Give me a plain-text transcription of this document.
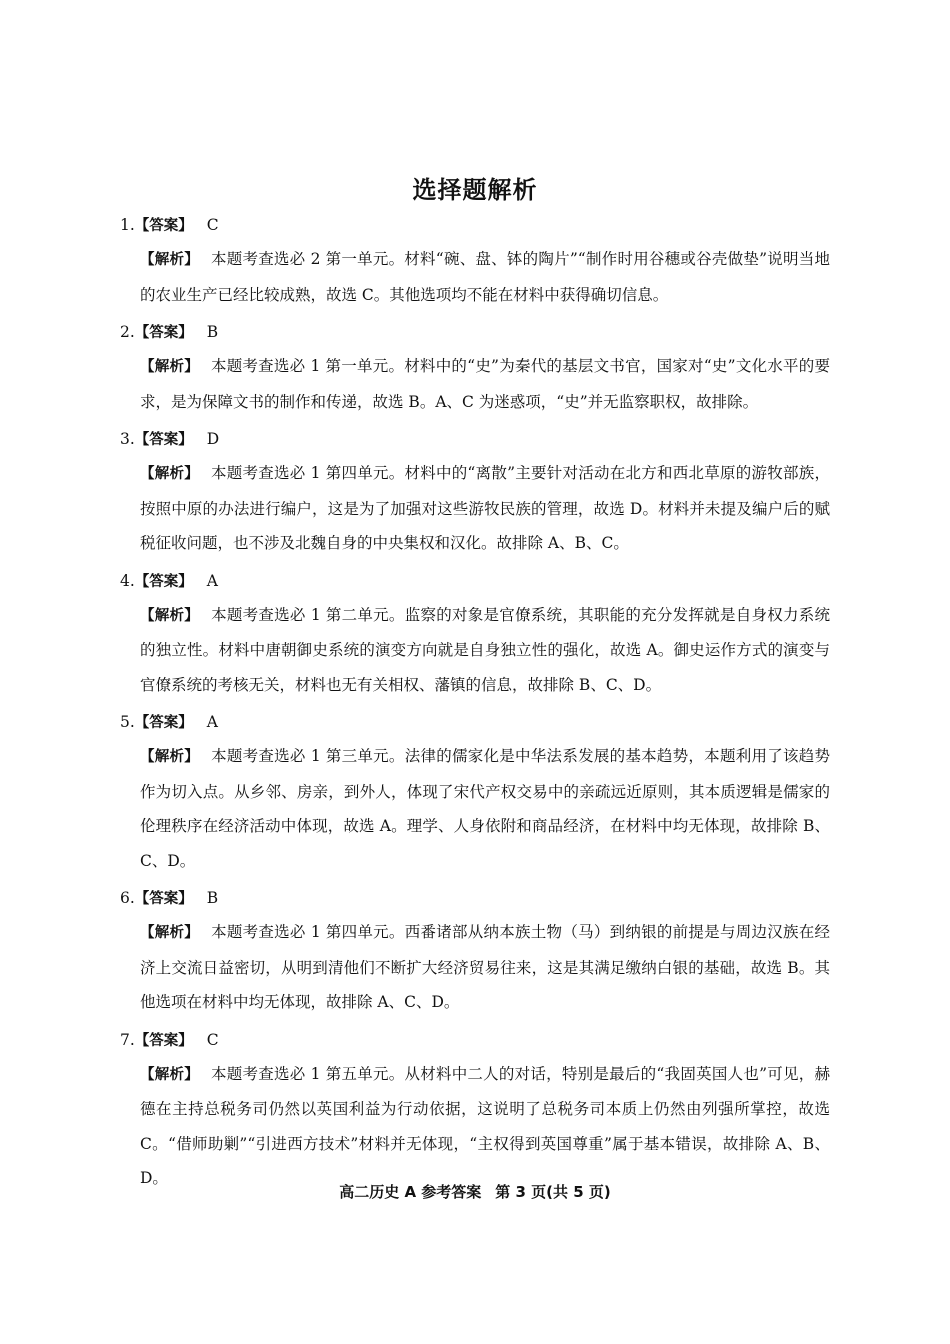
选择题解析
1.【答案】 C
【解析】 本题考查选必 2 第一单元。材料“碗、盘、钵的陶片”“制作时用谷穗或谷壳做垫”说明当地的农业生产已经比较成熟，故选 C。其他选项均不能在材料中获得确切信息。
2.【答案】 B
【解析】 本题考查选必 1 第一单元。材料中的“史”为秦代的基层文书官，国家对“史”文化水平的要求，是为保障文书的制作和传递，故选 B。A、C 为迷惑项，“史”并无监察职权，故排除。
3.【答案】 D
【解析】 本题考查选必 1 第四单元。材料中的“离散”主要针对活动在北方和西北草原的游牧部族，按照中原的办法进行编户，这是为了加强对这些游牧民族的管理，故选 D。材料并未提及编户后的赋税征收问题，也不涉及北魏自身的中央集权和汉化。故排除 A、B、C。
4.【答案】 A
【解析】 本题考查选必 1 第二单元。监察的对象是官僚系统，其职能的充分发挥就是自身权力系统的独立性。材料中唐朝御史系统的演变方向就是自身独立性的强化，故选 A。御史运作方式的演变与官僚系统的考核无关，材料也无有关相权、藩镇的信息，故排除 B、C、D。
5.【答案】 A
【解析】 本题考查选必 1 第三单元。法律的儒家化是中华法系发展的基本趋势，本题利用了该趋势作为切入点。从乡邻、房亲，到外人，体现了宋代产权交易中的亲疏远近原则，其本质逻辑是儒家的伦理秩序在经济活动中体现，故选 A。理学、人身依附和商品经济，在材料中均无体现，故排除 B、C、D。
6.【答案】 B
【解析】 本题考查选必 1 第四单元。西番诸部从纳本族土物（马）到纳银的前提是与周边汉族在经济上交流日益密切，从明到清他们不断扩大经济贸易往来，这是其满足缴纳白银的基础，故选 B。其他选项在材料中均无体现，故排除 A、C、D。
7.【答案】 C
【解析】 本题考查选必 1 第五单元。从材料中二人的对话，特别是最后的“我固英国人也”可见，赫德在主持总税务司仍然以英国利益为行动依据，这说明了总税务司本质上仍然由列强所掌控，故选 C。“借师助剿”“引进西方技术”材料并无体现，“主权得到英国尊重”属于基本错误，故排除 A、B、D。
高二历史 A 参考答案 第 3 页(共 5 页)
